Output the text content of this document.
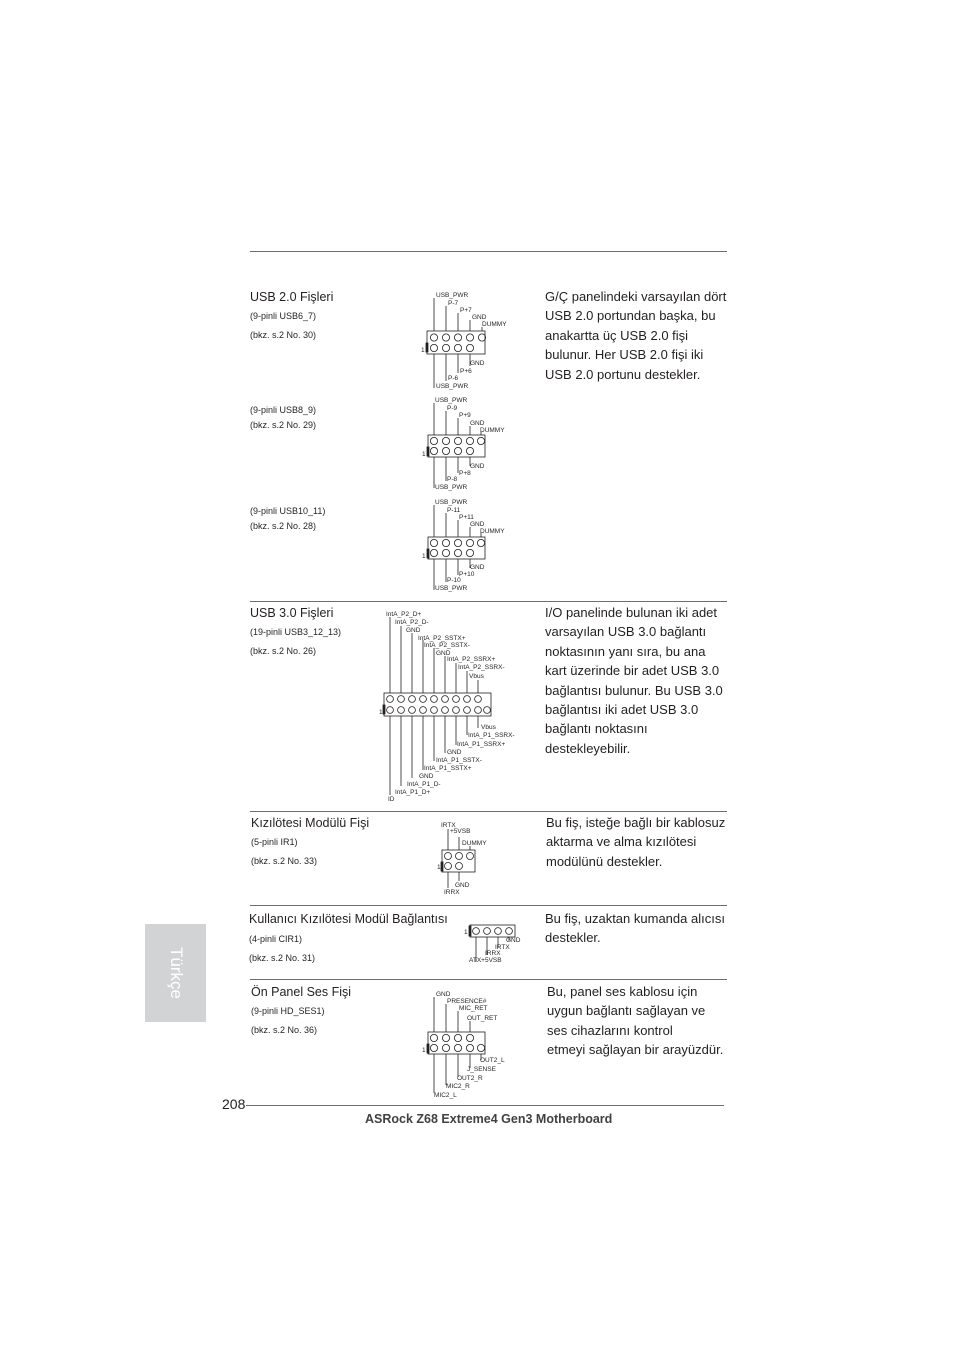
USB 2.0 Fişleri
(9-pinli USB6_7)
(bkz. s.2 No. 30)
(9-pinli USB8_9)
(bkz. s.2 No. 29)
(9-pinli USB10_11)
(bkz. s.2 No. 28)
G/Ç panelindeki varsayılan dört
USB 2.0 portundan başka, bu
anakartta üç USB 2.0 fişi
bulunur. Her USB 2.0 fişi iki
USB 2.0 portunu destekler.
USB_PWR
P-7
P+7
GND
DUMMY
GND
P+6
P-6
USB_PWR
1
USB_PWR
P-9
P+9
GND
DUMMY
GND
P+8
P-8
USB_PWR
1
USB_PWR
P-11
P+11
GND
DUMMY
GND
P+10
P-10
USB_PWR
1
USB 3.0 Fişleri
(19-pinli USB3_12_13)
(bkz. s.2 No. 26)
I/O panelinde bulunan iki adet
varsayılan USB 3.0 bağlantı
noktasının yanı sıra, bu ana
kart üzerinde bir adet USB 3.0
bağlantısı bulunur. Bu USB 3.0
bağlantısı iki adet USB 3.0
bağlantı noktasını
destekleyebilir.
IntA_P2_D+
IntA_P2_D-
GND
IntA_P2_SSTX+
IntA_P2_SSTX-
GND
IntA_P2_SSRX+
IntA_P2_SSRX-
Vbus
Vbus
IntA_P1_SSRX-
IntA_P1_SSRX+
GND
IntA_P1_SSTX-
IntA_P1_SSTX+
GND
IntA_P1_D-
IntA_P1_D+
ID
1
Kızılötesi Modülü Fişi
(5-pinli IR1)
(bkz. s.2 No. 33)
Bu fiş, isteğe bağlı bir kablosuz
aktarma ve alma kızılötesi
modülünü destekler.
IRTX
+5VSB
DUMMY
GND
IRRX
1
Kullanıcı Kızılötesi Modül Bağlantısı
(4-pinli CIR1)
(bkz. s.2 No. 31)
Bu fiş, uzaktan kumanda alıcısı
destekler.
GND
IRTX
IRRX
ATX+5VSB
1
Ön Panel Ses Fişi
(9-pinli HD_SES1)
(bkz. s.2 No. 36)
Bu, panel ses kablosu için
uygun bağlantı sağlayan ve
ses cihazlarını kontrol
etmeyi sağlayan bir arayüzdür.
GND
PRESENCE#
MIC_RET
OUT_RET
OUT2_L
J_SENSE
OUT2_R
MIC2_R
MIC2_L
1
Türkçe
208
ASRock Z68 Extreme4 Gen3 Motherboard
